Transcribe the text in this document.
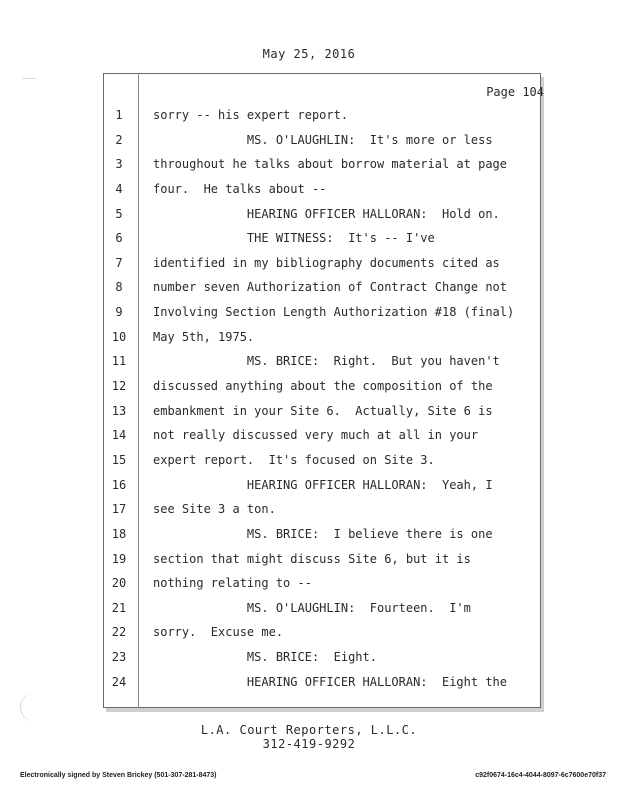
May 25, 2016
Page 104
1	sorry -- his expert report.
2	MS. O'LAUGHLIN:  It's more or less
3	throughout he talks about borrow material at page
4	four.  He talks about --
5	HEARING OFFICER HALLORAN:  Hold on.
6	THE WITNESS:  It's -- I've
7	identified in my bibliography documents cited as
8	number seven Authorization of Contract Change not
9	Involving Section Length Authorization #18 (final)
10	May 5th, 1975.
11	MS. BRICE:  Right.  But you haven't
12	discussed anything about the composition of the
13	embankment in your Site 6.  Actually, Site 6 is
14	not really discussed very much at all in your
15	expert report.  It's focused on Site 3.
16	HEARING OFFICER HALLORAN:  Yeah, I
17	see Site 3 a ton.
18	MS. BRICE:  I believe there is one
19	section that might discuss Site 6, but it is
20	nothing relating to --
21	MS. O'LAUGHLIN:  Fourteen.  I'm
22	sorry.  Excuse me.
23	MS. BRICE:  Eight.
24	HEARING OFFICER HALLORAN:  Eight the
L.A. Court Reporters, L.L.C.
312-419-9292
Electronically signed by Steven Brickey (501-307-281-8473)	c92f0674-16c4-4044-8097-6c7600e70f37
